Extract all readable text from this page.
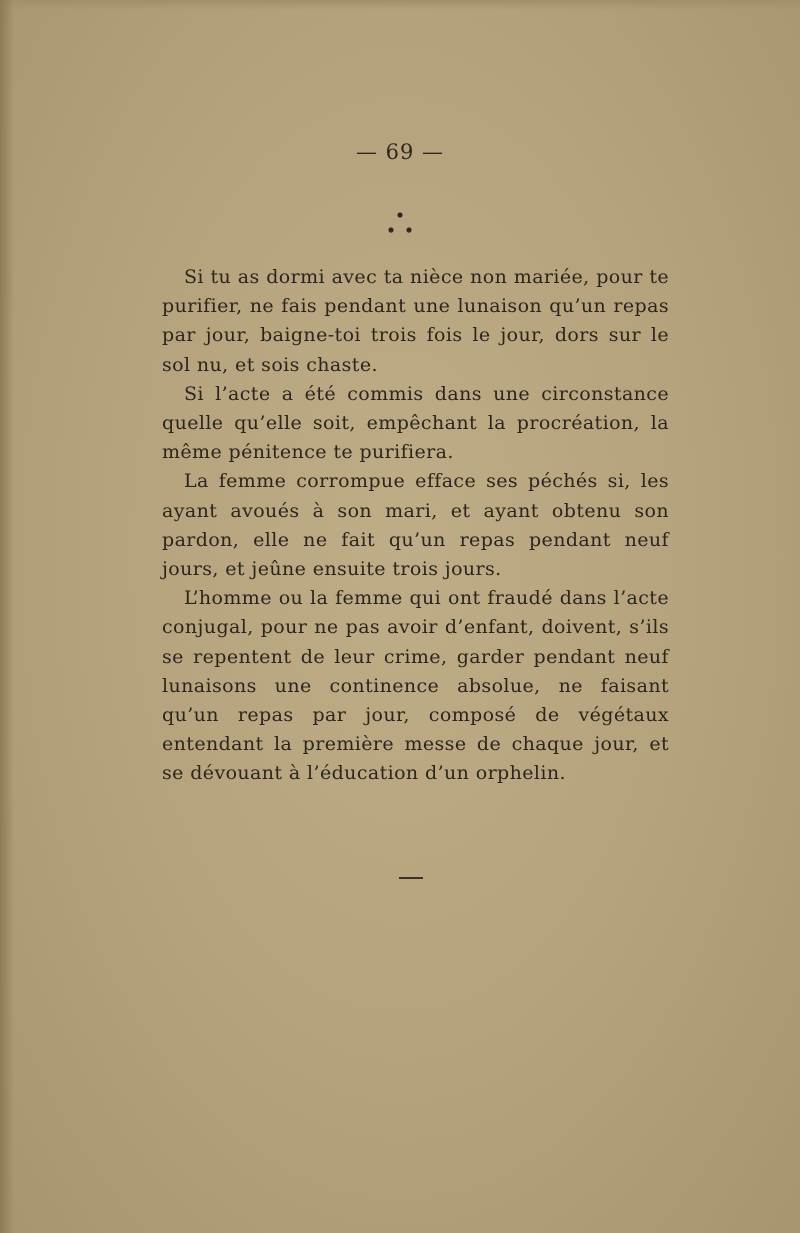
— 69 —

Si tu as dormi avec ta nièce non mariée, pour te purifier, ne fais pendant une lunaison qu’un repas par jour, baigne-toi trois fois le jour, dors sur le sol nu, et sois chaste.

Si l’acte a été commis dans une circonstance quelle qu’elle soit, empêchant la procréation, la même pénitence te purifiera.

La femme corrompue efface ses péchés si, les ayant avoués à son mari, et ayant obtenu son pardon, elle ne fait qu’un repas pendant neuf jours, et jeûne ensuite trois jours.

L’homme ou la femme qui ont fraudé dans l’acte conjugal, pour ne pas avoir d’enfant, doivent, s’ils se repentent de leur crime, garder pendant neuf lunaisons une continence absolue, ne faisant qu’un repas par jour, composé de végétaux entendant la première messe de chaque jour, et se dévouant à l’éducation d’un orphelin.
